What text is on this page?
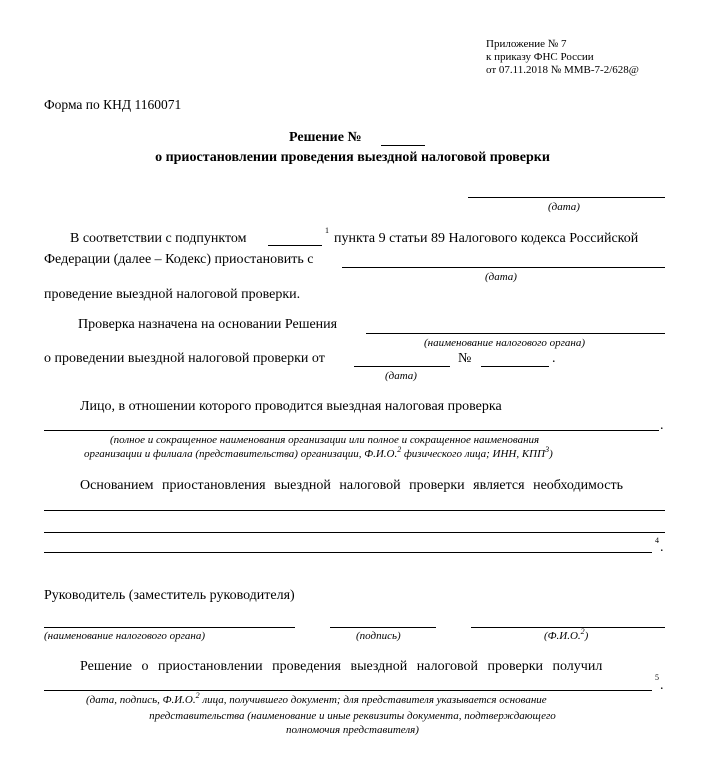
Приложение № 7
к приказу ФНС России
от 07.11.2018 № ММВ-7-2/628@
Форма по КНД 1160071
Решение №
о приостановлении проведения выездной налоговой проверки
(дата)
В соответствии с подпунктом
1
пункта 9 статьи 89 Налогового кодекса Российской
Федерации (далее – Кодекс) приостановить с
(дата)
проведение выездной налоговой проверки.
Проверка назначена на основании Решения
(наименование налогового органа)
о проведении выездной налоговой проверки от
(дата)
№	.
Лицо, в отношении которого проводится выездная налоговая проверка
.
(полное и сокращенное наименования организации или полное и сокращенное наименования
организации и филиала (представительства) организации, Ф.И.О.$^2$ физического лица; ИНН, КПП$^3$)
Основанием приостановления выездной налоговой проверки является необходимость
4 .
Руководитель (заместитель руководителя)
(наименование налогового органа)	(подпись)	(Ф.И.О.$^2$)
Решение о приостановлении проведения выездной налоговой проверки получил
5
.
(дата, подпись, Ф.И.О.$^2$ лица, получившего документ; для представителя указывается основание
представительства (наименование и иные реквизиты документа, подтверждающего
полномочия представителя)
